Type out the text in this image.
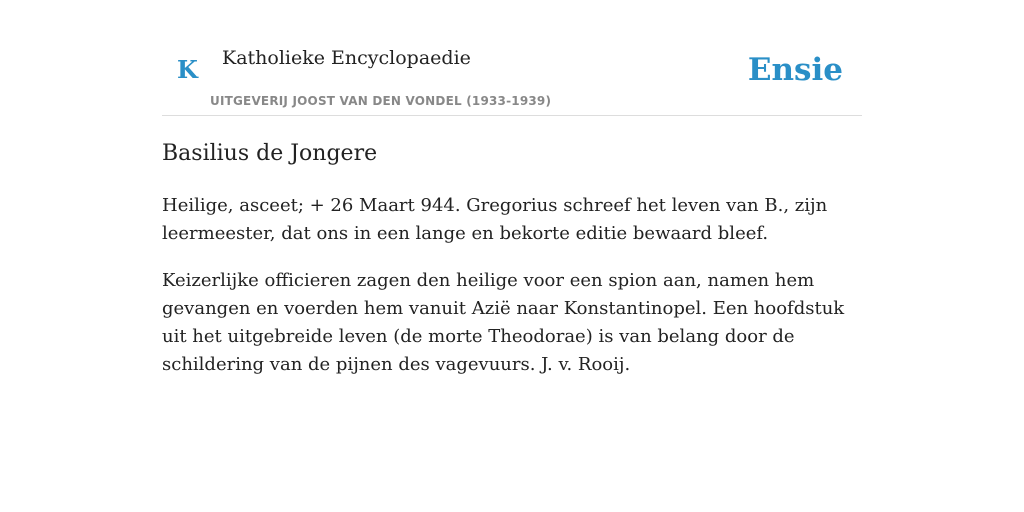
K Katholieke Encyclopaedie
UITGEVERIJ JOOST VAN DEN VONDEL (1933-1939)
Ensie
Basilius de Jongere

Heilige, asceet; + 26 Maart 944. Gregorius schreef het leven van B., zijn leermeester, dat ons in een lange en bekorte editie bewaard bleef.

Keizerlijke officieren zagen den heilige voor een spion aan, namen hem gevangen en voerden hem vanuit Azië naar Konstantinopel. Een hoofdstuk uit het uitgebreide leven (de morte Theodorae) is van belang door de schildering van de pijnen des vagevuurs. J. v. Rooij.
